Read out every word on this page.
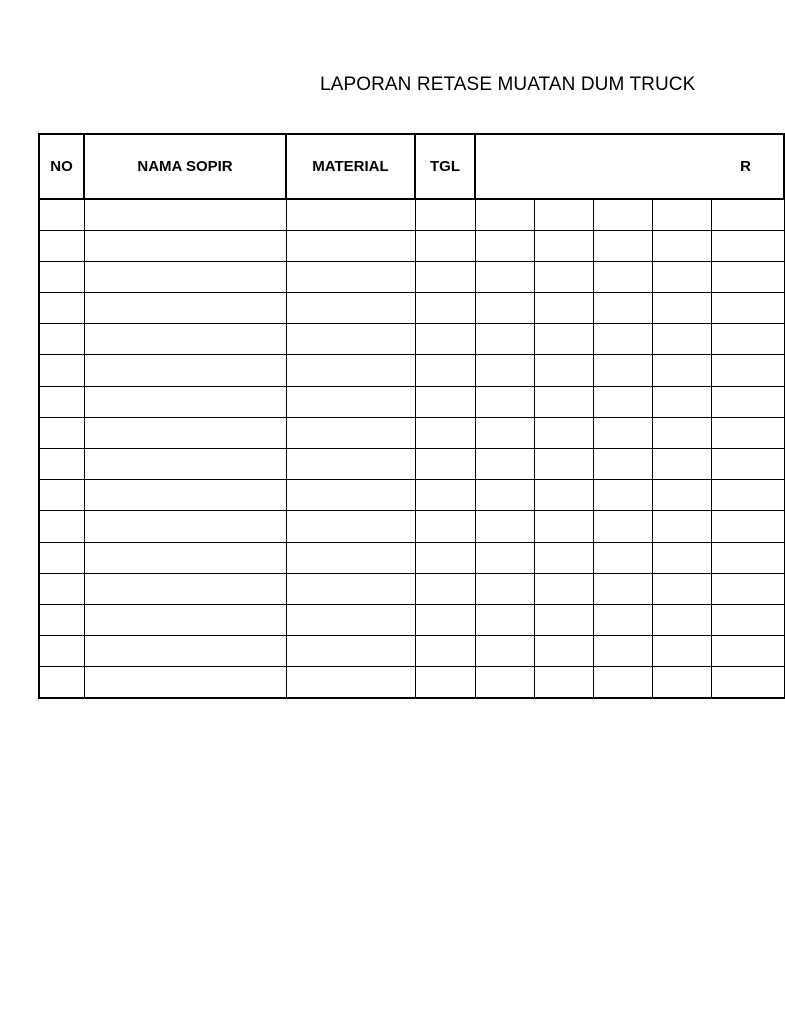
LAPORAN RETASE MUATAN DUM TRUCK
NO	NAMA SOPIR	MATERIAL	TGL	R				
